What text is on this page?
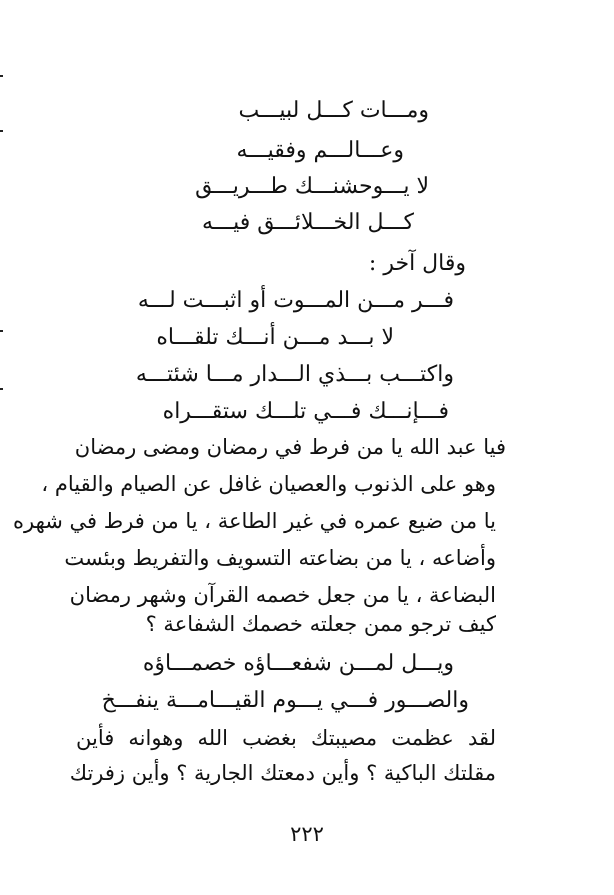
ومـــات كـــل لبيـــب
وعـــالـــم وفقيـــه
لا يـــوحشنـــك طـــريـــق
كـــل الخـــلائـــق فيـــه
وقال آخر :
فـــر مـــن المـــوت أو اثبـــت لـــه
لا بـــد مـــن أنـــك تلقـــاه
واكتـــب بـــذي الـــدار مـــا شئتـــه
فـــإنـــك فـــي تلـــك ستقـــراه
فيا عبد الله يا من فرط في رمضان ومضى رمضان
وهو على الذنوب والعصيان غافل عن الصيام والقيام ،
يا من ضيع عمره في غير الطاعة ، يا من فرط في شهره
وأضاعه ، يا من بضاعته التسويف والتفريط وبئست
البضاعة ، يا من جعل خصمه القرآن وشهر رمضان
كيف ترجو ممن جعلته خصمك الشفاعة ؟
ويـــل لمـــن شفعـــاؤه خصمـــاؤه
والصـــور فـــي يـــوم القيـــامـــة ينفـــخ
لقد عظمت مصيبتك بغضب الله وهوانه فأين
مقلتك الباكية ؟ وأين دمعتك الجارية ؟ وأين زفرتك
٢٢٢
